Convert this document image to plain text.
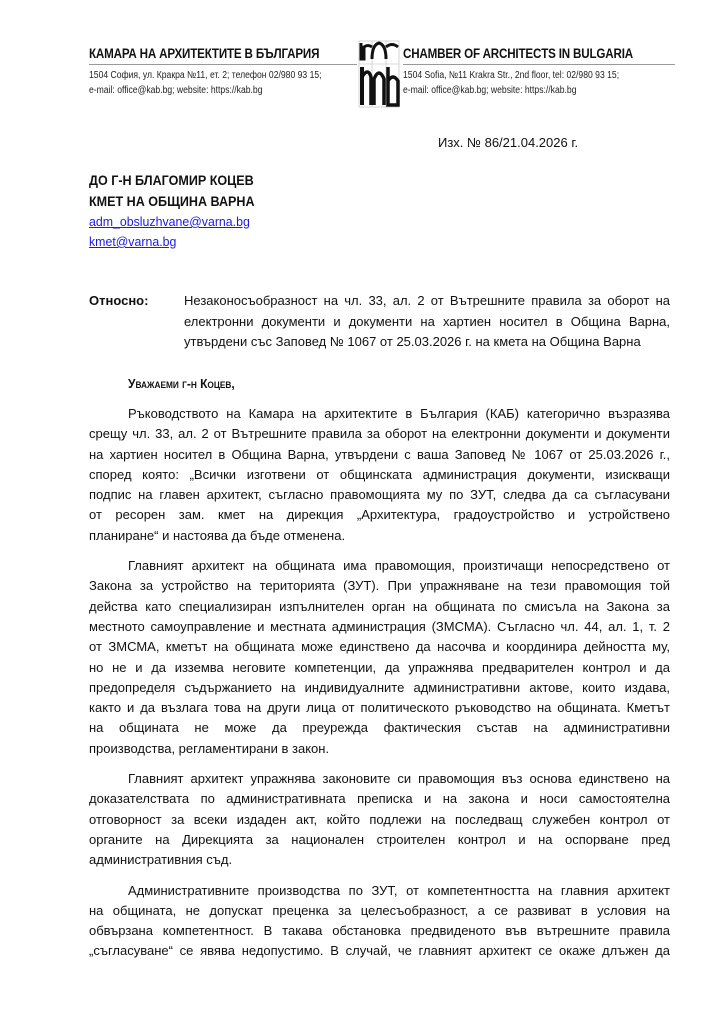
КАМАРА НА АРХИТЕКТИТЕ В БЪЛГАРИЯ
1504 София, ул. Кракра №11, ет. 2; телефон 02/980 93 15;
e-mail: office@kab.bg; website: https://kab.bg
CHAMBER OF ARCHITECTS IN BULGARIA
1504 Sofia, №11 Krakra Str., 2nd floor, tel: 02/980 93 15;
e-mail: office@kab.bg; website: https://kab.bg
Изх. № 86/21.04.2026 г.
ДО Г-Н БЛАГОМИР КОЦЕВ
КМЕТ НА ОБЩИНА ВАРНА
adm_obsluzhvane@varna.bg
kmet@varna.bg
Относно:	Незаконосъобразност на чл. 33, ал. 2 от Вътрешните правила за оборот на
електронни документи и документи на хартиен носител в Община Варна,
утвърдени със Заповед № 1067 от 25.03.2026 г. на кмета на Община Варна
Уважаеми г-н Коцев,
Ръководството на Камара на архитектите в България (КАБ) категорично възразява
срещу чл. 33, ал. 2 от Вътрешните правила за оборот на електронни документи и документи
на хартиен носител в Община Варна, утвърдени с ваша Заповед № 1067 от 25.03.2026 г.,
според която: „Всички изготвени от общинската администрация документи, изискващи
подпис на главен архитект, съгласно правомощията му по ЗУТ, следва да са съгласувани
от ресорен зам. кмет на дирекция „Архитектура, градоустройство и устройствено
планиране“ и настоява да бъде отменена.
Главният архитект на общината има правомощия, произтичащи непосредствено от
Закона за устройство на територията (ЗУТ). При упражняване на тези правомощия той
действа като специализиран изпълнителен орган на общината по смисъла на Закона за
местното самоуправление и местната администрация (ЗМСМА). Съгласно чл. 44, ал. 1, т. 2
от ЗМСМА, кметът на общината може единствено да насочва и координира дейността му,
но не и да изземва неговите компетенции, да упражнява предварителен контрол и да
предопределя съдържанието на индивидуалните административни актове, които издава,
както и да възлага това на други лица от политическото ръководство на общината. Кметът
на общината не може да преурежда фактическия състав на административни
производства, регламентирани в закон.
Главният архитект упражнява законовите си правомощия въз основа единствено на
доказателствата по административната преписка и на закона и носи самостоятелна
отговорност за всеки издаден акт, който подлежи на последващ служебен контрол от
органите на Дирекцията за национален строителен контрол и на оспорване пред
административния съд.
Административните производства по ЗУТ, от компетентността на главния архитект
на общината, не допускат преценка за целесъобразност, а се развиват в условия на
обвързана компетентност. В такава обстановка предвиденото във вътрешните правила
„съгласуване“ се явява недопустимо. В случай, че главният архитект се окаже длъжен да
